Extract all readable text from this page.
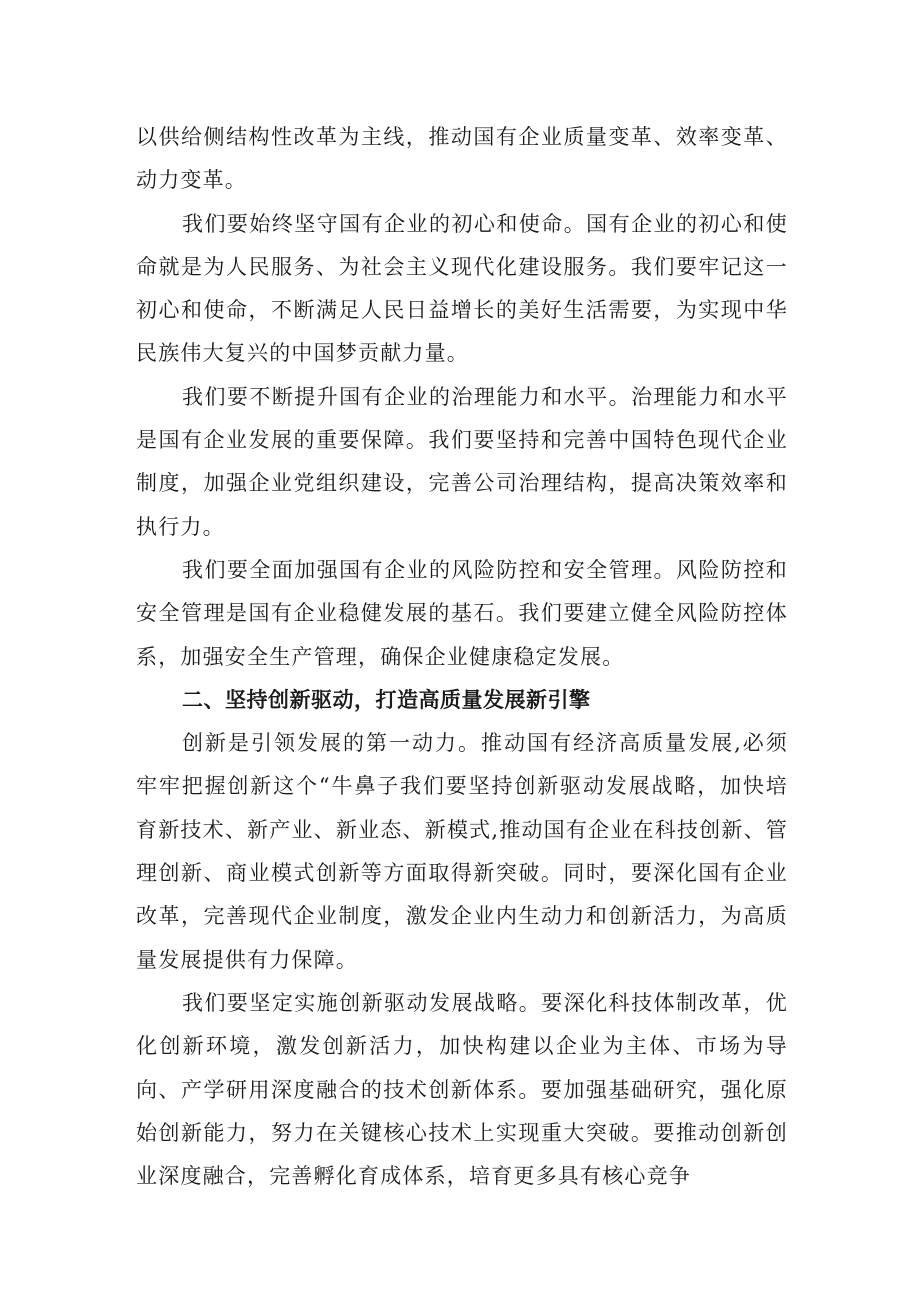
以供给侧结构性改革为主线，推动国有企业质量变革、效率变革、动力变革。

我们要始终坚守国有企业的初心和使命。国有企业的初心和使命就是为人民服务、为社会主义现代化建设服务。我们要牢记这一初心和使命，不断满足人民日益增长的美好生活需要，为实现中华民族伟大复兴的中国梦贡献力量。

我们要不断提升国有企业的治理能力和水平。治理能力和水平是国有企业发展的重要保障。我们要坚持和完善中国特色现代企业制度，加强企业党组织建设，完善公司治理结构，提高决策效率和执行力。

我们要全面加强国有企业的风险防控和安全管理。风险防控和安全管理是国有企业稳健发展的基石。我们要建立健全风险防控体系，加强安全生产管理，确保企业健康稳定发展。

二、坚持创新驱动，打造高质量发展新引擎

创新是引领发展的第一动力。推动国有经济高质量发展,必须牢牢把握创新这个“牛鼻子我们要坚持创新驱动发展战略，加快培育新技术、新产业、新业态、新模式,推动国有企业在科技创新、管理创新、商业模式创新等方面取得新突破。同时，要深化国有企业改革，完善现代企业制度，激发企业内生动力和创新活力，为高质量发展提供有力保障。

我们要坚定实施创新驱动发展战略。要深化科技体制改革，优化创新环境，激发创新活力，加快构建以企业为主体、市场为导向、产学研用深度融合的技术创新体系。要加强基础研究，强化原始创新能力，努力在关键核心技术上实现重大突破。要推动创新创业深度融合，完善孵化育成体系，培育更多具有核心竞争
